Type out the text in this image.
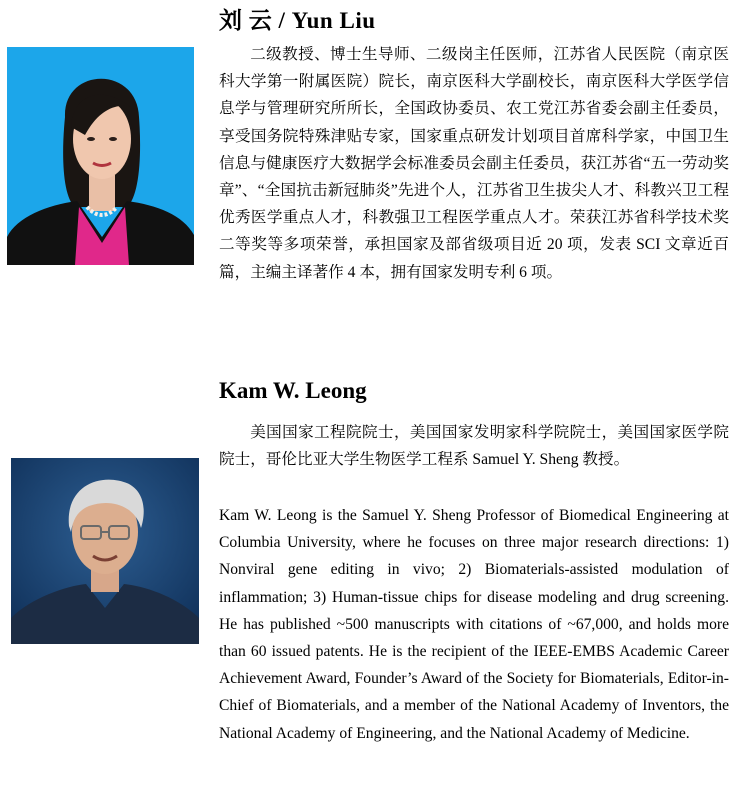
刘 云 / Yun Liu
二级教授、博士生导师、二级岗主任医师，江苏省人民医院（南京医科大学第一附属医院）院长，南京医科大学副校长，南京医科大学医学信息学与管理研究所所长，全国政协委员、农工党江苏省委会副主任委员，享受国务院特殊津贴专家，国家重点研发计划项目首席科学家，中国卫生信息与健康医疗大数据学会标准委员会副主任委员，获江苏省“五一劳动奖章”、“全国抗击新冠肺炎”先进个人，江苏省卫生拔尖人才、科教兴卫工程优秀医学重点人才，科教强卫工程医学重点人才。荣获江苏省科学技术奖二等奖等多项荣誉，承担国家及部省级项目近 20 项，发表 SCI 文章近百篇，主编主译著作 4 本，拥有国家发明专利 6 项。
Kam W. Leong
美国国家工程院院士，美国国家发明家科学院院士，美国国家医学院院士，哥伦比亚大学生物医学工程系 Samuel Y. Sheng 教授。
Kam W. Leong is the Samuel Y. Sheng Professor of Biomedical Engineering at Columbia University, where he focuses on three major research directions: 1) Nonviral gene editing in vivo; 2) Biomaterials-assisted modulation of inflammation; 3) Human-tissue chips for disease modeling and drug screening. He has published ~500 manuscripts with citations of ~67,000, and holds more than 60 issued patents. He is the recipient of the IEEE-EMBS Academic Career Achievement Award, Founder’s Award of the Society for Biomaterials, Editor-in-Chief of Biomaterials, and a member of the National Academy of Inventors, the National Academy of Engineering, and the National Academy of Medicine.
